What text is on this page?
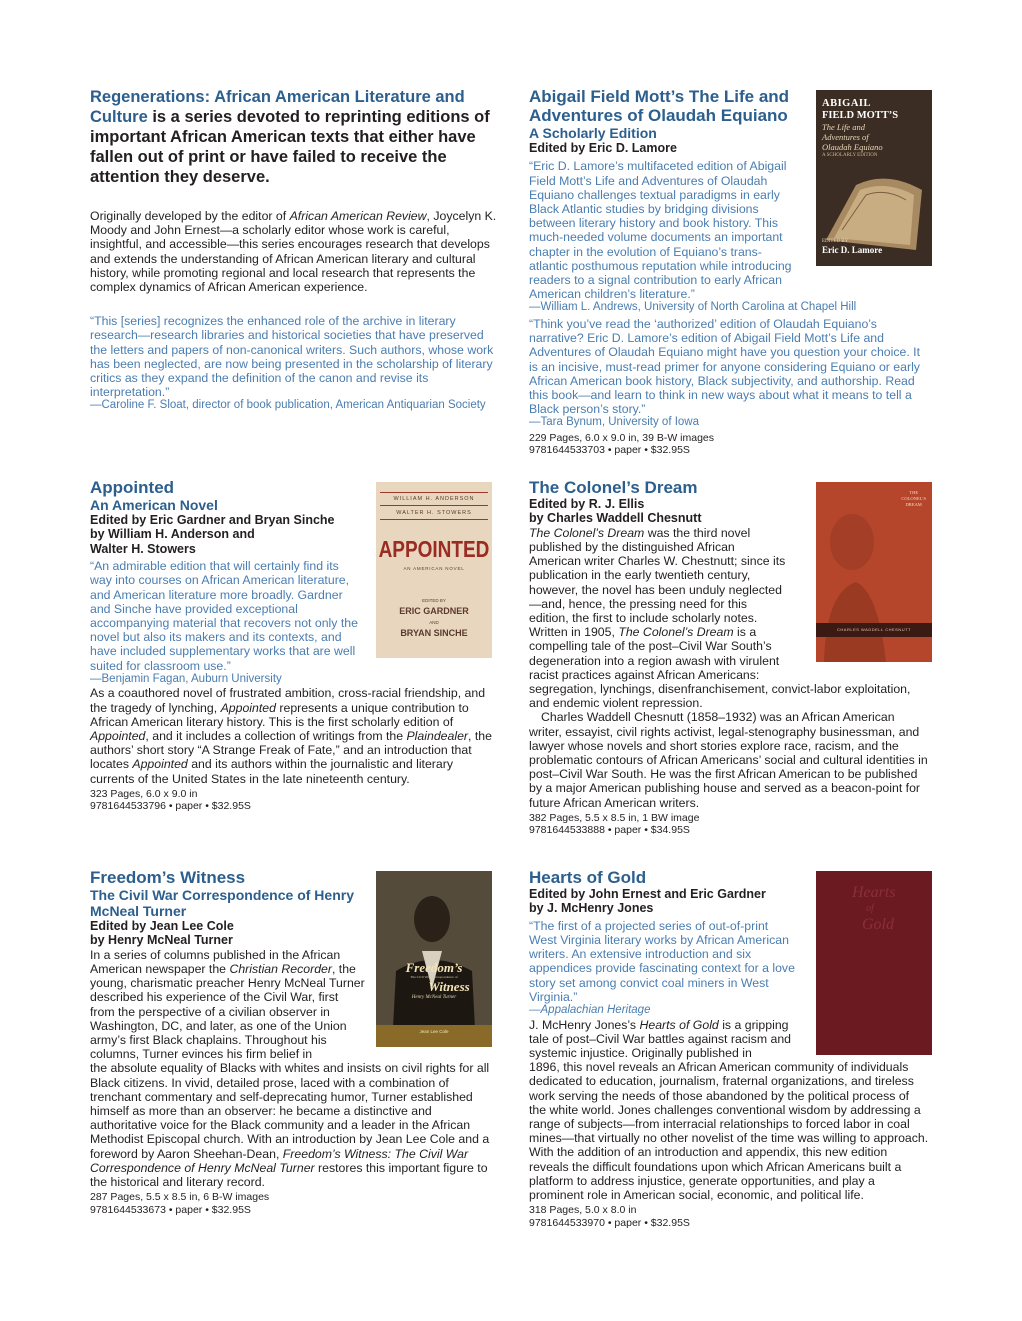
Regenerations: African American Literature and Culture is a series devoted to reprinting editions of important African American texts that either have fallen out of print or have failed to receive the attention they deserve.
Originally developed by the editor of African American Review, Joycelyn K. Moody and John Ernest—a scholarly editor whose work is careful, insightful, and accessible—this series encourages research that develops and extends the understanding of African American literary and cultural history, while promoting regional and local research that represents the complex dynamics of African American experience.
“This [series] recognizes the enhanced role of the archive in literary research—research libraries and historical societies that have preserved the letters and papers of non-canonical writers. Such authors, whose work has been neglected, are now being presented in the scholarship of literary critics as they expand the definition of the canon and revise its interpretation.”
—Caroline F. Sloat, director of book publication, American Antiquarian Society
Abigail Field Mott’s The Life and Adventures of Olaudah Equiano
A Scholarly Edition
Edited by Eric D. Lamore
“Eric D. Lamore’s multifaceted edition of Abigail Field Mott’s Life and Adventures of Olaudah Equiano challenges textual paradigms in early Black Atlantic studies by bridging divisions between literary history and book history. This much-needed volume documents an important chapter in the evolution of Equiano’s trans-atlantic posthumous reputation while introducing readers to a signal contribution to early African American children’s literature.”
—William L. Andrews, University of North Carolina at Chapel Hill
“Think you’ve read the ‘authorized’ edition of Olaudah Equiano’s narrative? Eric D. Lamore’s edition of Abigail Field Mott’s Life and Adventures of Olaudah Equiano might have you question your choice. It is an incisive, must-read primer for anyone considering Equiano or early African American book history, Black subjectivity, and authorship. Read this book—and learn to think in new ways about what it means to tell a Black person’s story.”
—Tara Bynum, University of Iowa
229 Pages, 6.0 x 9.0 in, 39 B-W images
9781644533703 • paper • $32.95S
ABIGAIL
FIELD MOTT’S
The Life and
Adventures of
Olaudah Equiano
A SCHOLARLY EDITION
EDITED BY
Eric D. Lamore
Appointed
An American Novel
Edited by Eric Gardner and Bryan Sinche
by William H. Anderson and
Walter H. Stowers
“An admirable edition that will certainly find its way into courses on African American literature, and American literature more broadly. Gardner and Sinche have provided exceptional accompanying material that recovers not only the novel but also its makers and its contexts, and have included supplementary works that are well suited for classroom use.”
—Benjamin Fagan, Auburn University
As a coauthored novel of frustrated ambition, cross-racial friendship, and the tragedy of lynching, Appointed represents a unique contribution to African American literary history. This is the first scholarly edition of Appointed, and it includes a collection of writings from the Plaindealer, the authors’ short story “A Strange Freak of Fate,” and an introduction that locates Appointed and its authors within the journalistic and literary currents of the United States in the late nineteenth century.
323 Pages, 6.0 x 9.0 in
9781644533796 • paper • $32.95S
WILLIAM H. ANDERSON
WALTER H. STOWERS
APPOINTED
AN AMERICAN NOVEL
EDITED BY
ERIC GARDNER
AND
BRYAN SINCHE
The Colonel’s Dream
Edited by R. J. Ellis
by Charles Waddell Chesnutt
The Colonel’s Dream was the third novel published by the distinguished African American writer Charles W. Chestnutt; since its publication in the early twentieth century, however, the novel has been unduly neglected—and, hence, the pressing need for this edition, the first to include scholarly notes. Written in 1905, The Colonel’s Dream is a compelling tale of the post–Civil War South’s degeneration into a region awash with virulent racist practices against African Americans:
segregation, lynchings, disenfranchisement, convict-labor exploitation, and endemic violent repression.
Charles Waddell Chesnutt (1858–1932) was an African American writer, essayist, civil rights activist, legal-stenography businessman, and lawyer whose novels and short stories explore race, racism, and the problematic contours of African Americans’ social and cultural identities in post–Civil War South. He was the first African American to be published by a major American publishing house and served as a beacon-point for future African American writers.
382 Pages, 5.5 x 8.5 in, 1 BW image
9781644533888 • paper • $34.95S
THE
COLONEL’S
DREAM
CHARLES WADDELL CHESNUTT
Freedom’s Witness
The Civil War Correspondence of Henry McNeal Turner
Edited by Jean Lee Cole
by Henry McNeal Turner
In a series of columns published in the African American newspaper the Christian Recorder, the young, charismatic preacher Henry McNeal Turner described his experience of the Civil War, first from the perspective of a civilian observer in Washington, DC, and later, as one of the Union army’s first Black chaplains. Throughout his columns, Turner evinces his firm belief in
the absolute equality of Blacks with whites and insists on civil rights for all Black citizens. In vivid, detailed prose, laced with a combination of trenchant commentary and self-deprecating humor, Turner established himself as more than an observer: he became a distinctive and authoritative voice for the Black community and a leader in the African Methodist Episcopal church. With an introduction by Jean Lee Cole and a foreword by Aaron Sheehan-Dean, Freedom’s Witness: The Civil War Correspondence of Henry McNeal Turner restores this important figure to the historical and literary record.
287 Pages, 5.5 x 8.5 in, 6 B-W images
9781644533673 • paper • $32.95S
Freedom’s
The Civil War Correspondence of
Witness
Henry McNeal Turner
Jean Lee Cole
Hearts of Gold
Edited by John Ernest and Eric Gardner
by J. McHenry Jones
“The first of a projected series of out-of-print West Virginia literary works by African American writers. An extensive introduction and six appendices provide fascinating context for a love story set among convict coal miners in West Virginia.”
—Appalachian Heritage
J. McHenry Jones’s Hearts of Gold is a gripping tale of post–Civil War battles against racism and systemic injustice. Originally published in
1896, this novel reveals an African American community of individuals dedicated to education, journalism, fraternal organizations, and tireless work serving the needs of those abandoned by the political process of the white world. Jones challenges conventional wisdom by addressing a range of subjects—from interracial relationships to forced labor in coal mines—that virtually no other novelist of the time was willing to approach. With the addition of an introduction and appendix, this new edition reveals the difficult foundations upon which African Americans built a platform to address injustice, generate opportunities, and play a prominent role in American social, economic, and political life.
318 Pages, 5.0 x 8.0 in
9781644533970 • paper • $32.95S
Hearts
of
Gold
